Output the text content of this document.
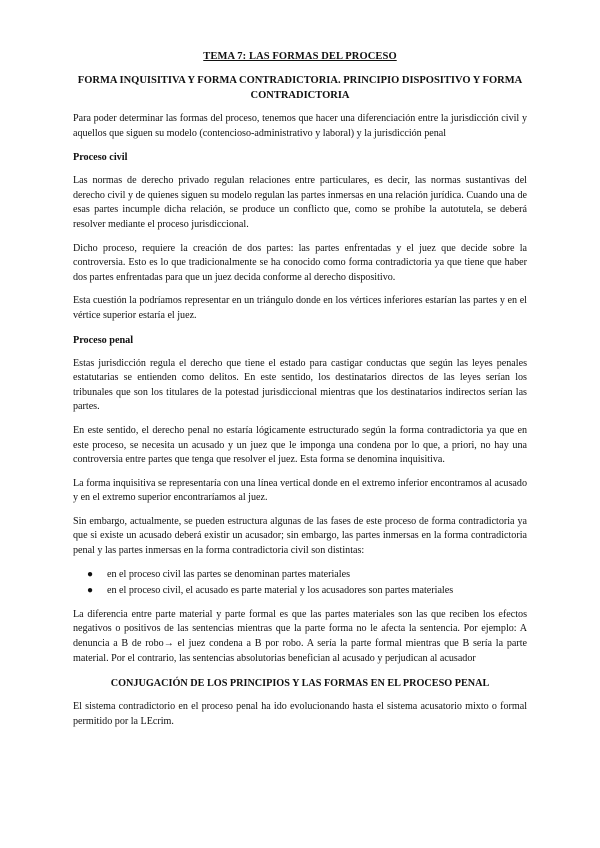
TEMA 7: LAS FORMAS DEL PROCESO
FORMA INQUISITIVA Y FORMA CONTRADICTORIA. PRINCIPIO DISPOSITIVO Y FORMA CONTRADICTORIA

Para poder determinar las formas del proceso, tenemos que hacer una diferenciación entre la jurisdicción civil y aquellos que siguen su modelo (contencioso-administrativo y laboral) y la jurisdicción penal

Proceso civil

Las normas de derecho privado regulan relaciones entre particulares, es decir, las normas sustantivas del derecho civil y de quienes siguen su modelo regulan las partes inmersas en una relación jurídica. Cuando una de esas partes incumple dicha relación, se produce un conflicto que, como se prohíbe la autotutela, se deberá resolver mediante el proceso jurisdiccional.

Dicho proceso, requiere la creación de dos partes: las partes enfrentadas y el juez que decide sobre la controversia. Esto es lo que tradicionalmente se ha conocido como forma contradictoria ya que tiene que haber dos partes enfrentadas para que un juez decida conforme al derecho dispositivo.

Esta cuestión la podríamos representar en un triángulo donde en los vértices inferiores estarían las partes y en el vértice superior estaría el juez.

Proceso penal

Estas jurisdicción regula el derecho que tiene el estado para castigar conductas que según las leyes penales estatutarias se entienden como delitos. En este sentido, los destinatarios directos de las leyes serían los tribunales que son los titulares de la potestad jurisdiccional mientras que los destinatarios indirectos serían las partes.

En este sentido, el derecho penal no estaría lógicamente estructurado según la forma contradictoria ya que en este proceso, se necesita un acusado y un juez que le imponga una condena por lo que, a priori, no hay una controversia entre partes que tenga que resolver el juez. Esta forma se denomina inquisitiva.

La forma inquisitiva se representaría con una línea vertical donde en el extremo inferior encontramos al acusado y en el extremo superior encontraríamos al juez.

Sin embargo, actualmente, se pueden estructura algunas de las fases de este proceso de forma contradictoria ya que si existe un acusado deberá existir un acusador; sin embargo, las partes inmersas en la forma contradictoria penal y las partes inmersas en la forma contradictoria civil son distintas:

● en el proceso civil las partes se denominan partes materiales
● en el proceso civil, el acusado es parte material y los acusadores son partes materiales

La diferencia entre parte material y parte formal es que las partes materiales son las que reciben los efectos negativos o positivos de las sentencias mientras que la parte forma no le afecta la sentencia. Por ejemplo: A denuncia a B de robo→ el juez condena a B por robo. A sería la parte formal mientras que B sería la parte material. Por el contrario, las sentencias absolutorias benefician al acusado y perjudican al acusador

CONJUGACIÓN DE LOS PRINCIPIOS Y LAS FORMAS EN EL PROCESO PENAL

El sistema contradictorio en el proceso penal ha ido evolucionando hasta el sistema acusatorio mixto o formal permitido por la LEcrim.
